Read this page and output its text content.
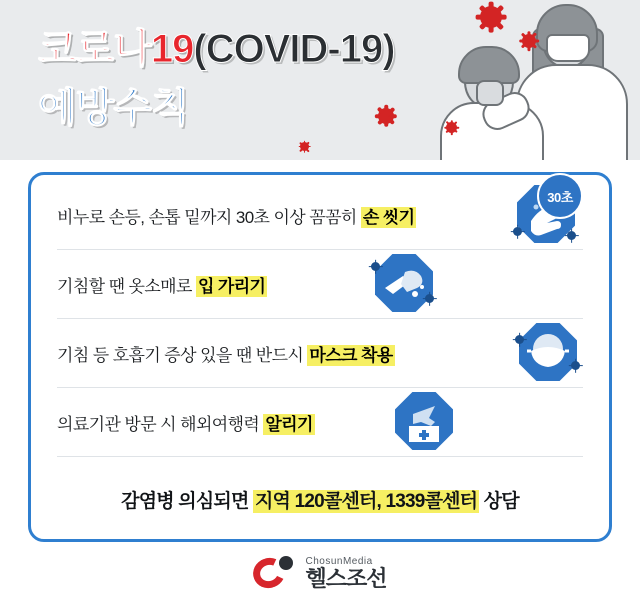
코로나19(COVID-19)
예방수칙
비누로 손등, 손톱 밑까지 30초 이상 꼼꼼히 손 씻기
30초
기침할 땐 옷소매로 입 가리기
기침 등 호흡기 증상 있을 땐 반드시 마스크 착용
의료기관 방문 시 해외여행력 알리기
감염병 의심되면 지역 120콜센터, 1339콜센터 상담
ChosunMedia
헬스조선
